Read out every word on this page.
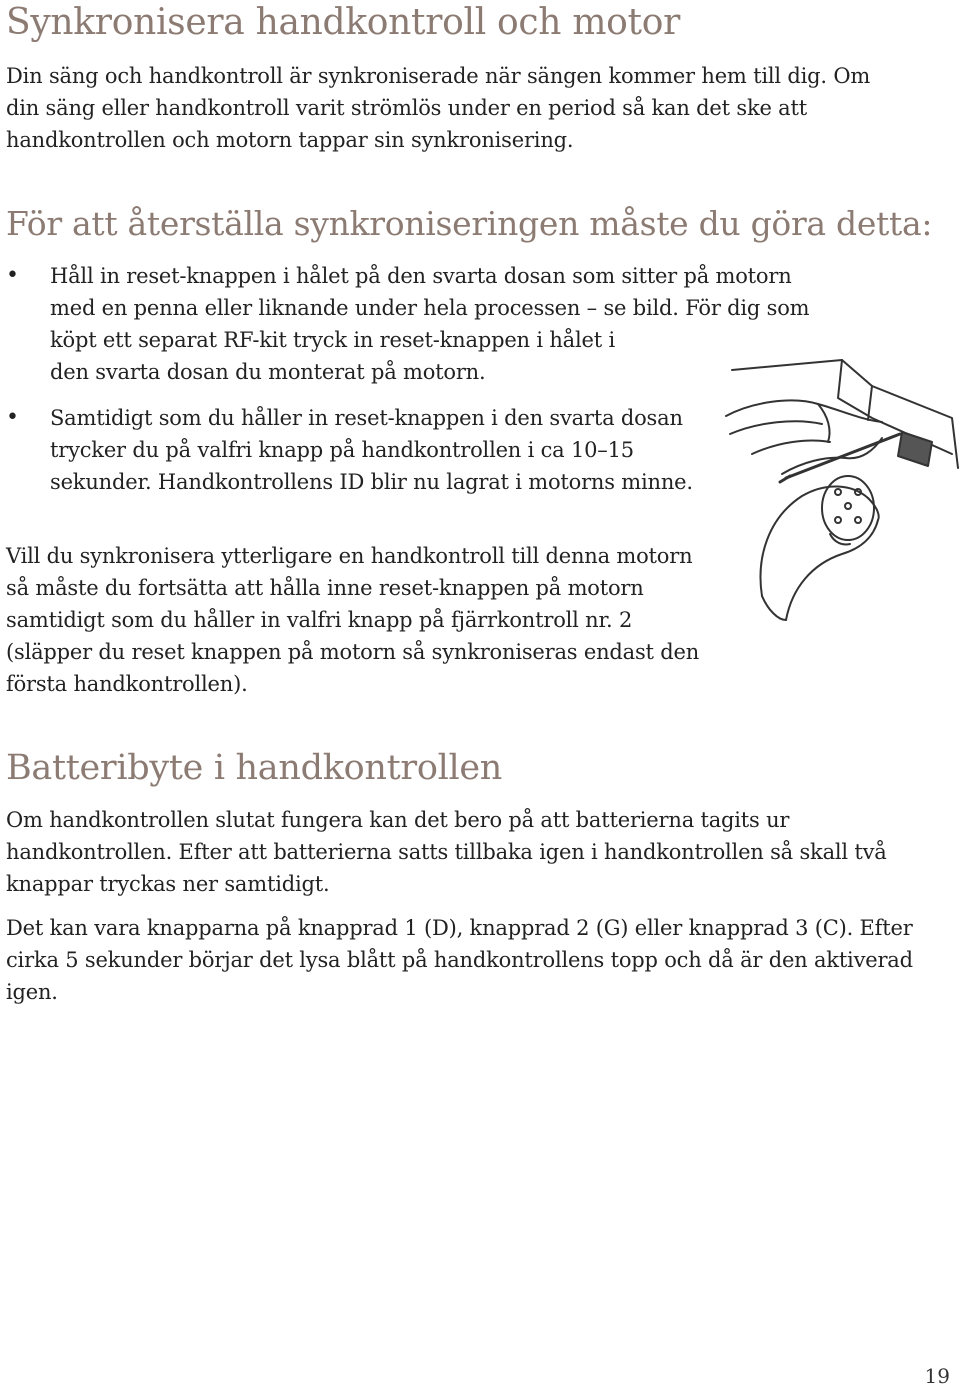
Synkronisera handkontroll och motor

Din säng och handkontroll är synkroniserade när sängen kommer hem till dig. Om din säng eller handkontroll varit strömlös under en period så kan det ske att handkontrollen och motorn tappar sin synkronisering.

För att återställa synkroniseringen måste du göra detta:
• Håll in reset-knappen i hålet på den svarta dosan som sitter på motorn
med en penna eller liknande under hela processen – se bild. För dig som
köpt ett separat RF-kit tryck in reset-knappen i hålet i
den svarta dosan du monterat på motorn.
• Samtidigt som du håller in reset-knappen i den svarta dosan trycker du på valfri knapp på handkontrollen i ca 10–15 sekunder. Handkontrollens ID blir nu lagrat i motorns minne.

Vill du synkronisera ytterligare en handkontroll till denna motorn så måste du fortsätta att hålla inne reset-knappen på motorn samtidigt som du håller in valfri knapp på fjärrkontroll nr. 2 (släpper du reset knappen på motorn så synkroniseras endast den första handkontrollen).

Batteribyte i handkontrollen

Om handkontrollen slutat fungera kan det bero på att batterierna tagits ur handkontrollen. Efter att batterierna satts tillbaka igen i handkontrollen så skall två knappar tryckas ner samtidigt.

Det kan vara knapparna på knapprad 1 (D), knapprad 2 (G) eller knapprad 3 (C). Efter cirka 5 sekunder börjar det lysa blått på handkontrollens topp och då är den aktiverad igen.

19
